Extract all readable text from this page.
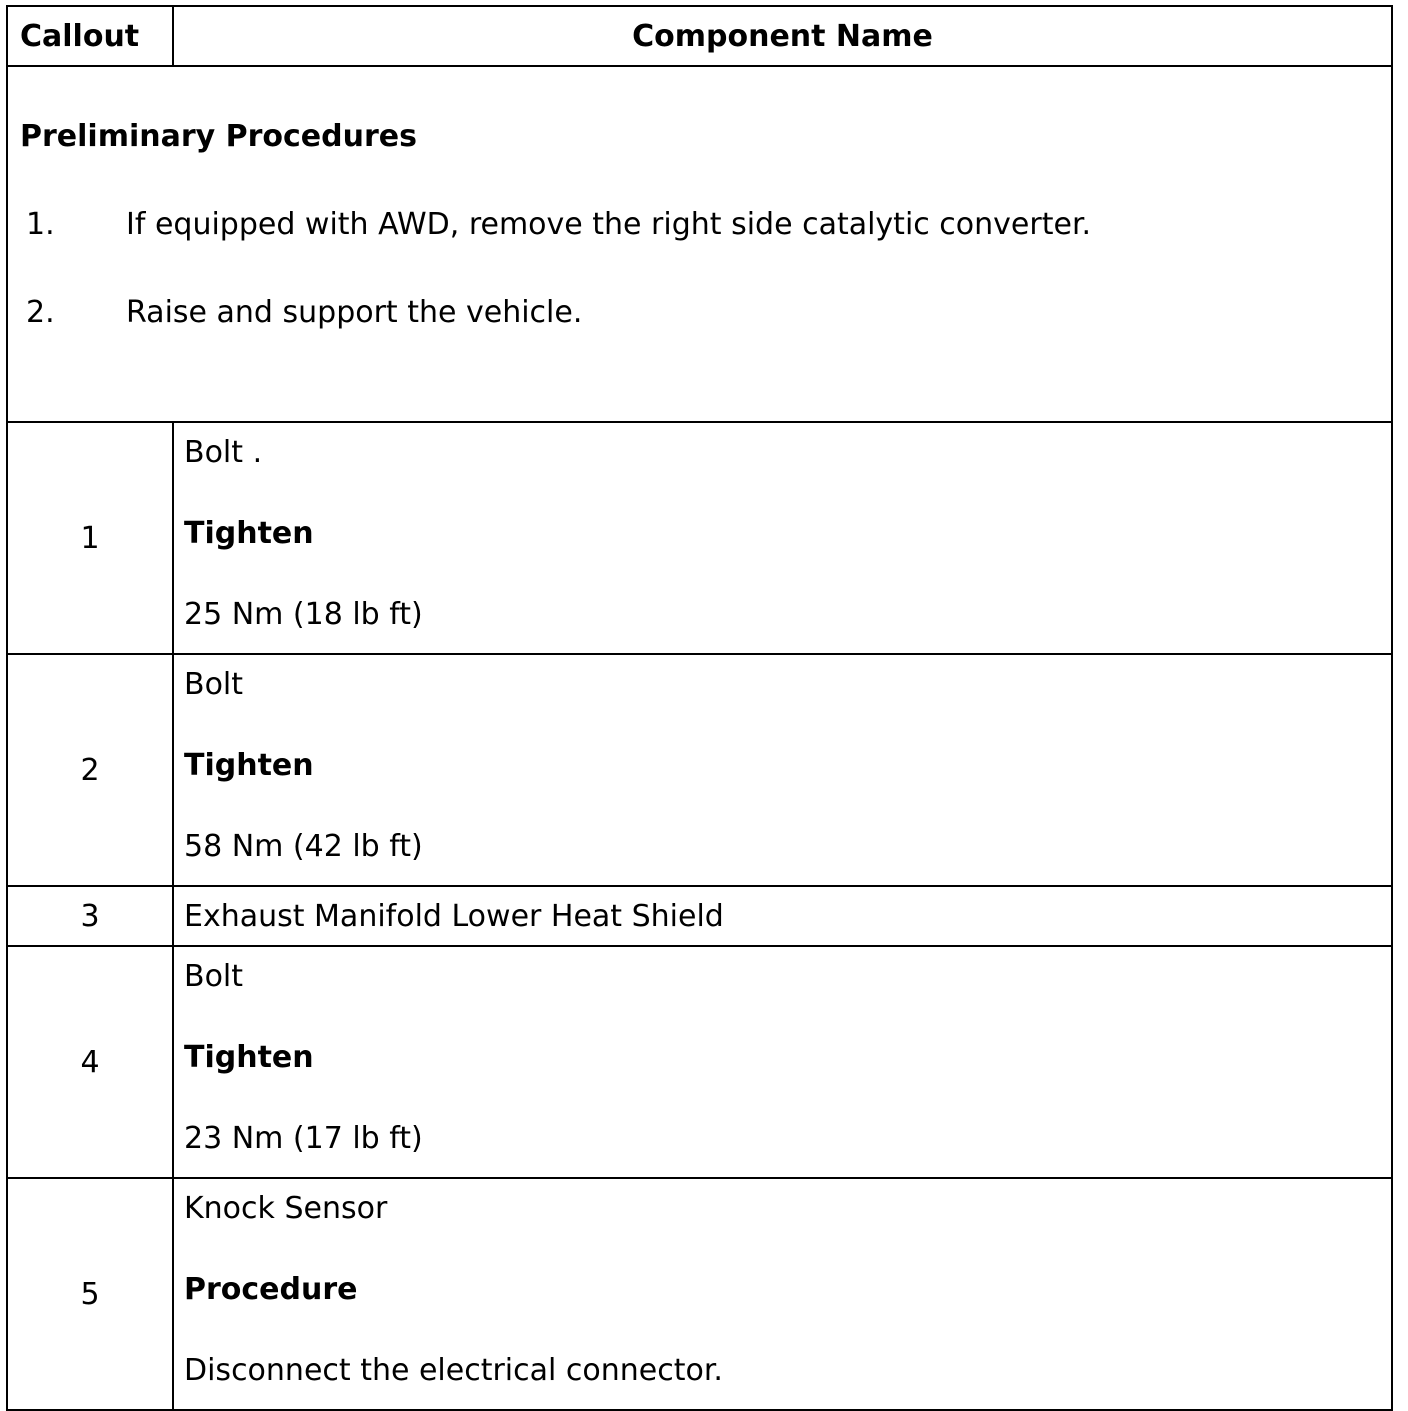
Callout	Component Name

Preliminary Procedures
1. If equipped with AWD, remove the right side catalytic converter.
2. Raise and support the vehicle.	

1	Bolt .
Tighten
25 Nm (18 lb ft)

2	Bolt
Tighten
58 Nm (42 lb ft)

3	Exhaust Manifold Lower Heat Shield
4	Bolt
Tighten
23 Nm (17 lb ft)

5	Knock Sensor
Procedure
Disconnect the electrical connector.
